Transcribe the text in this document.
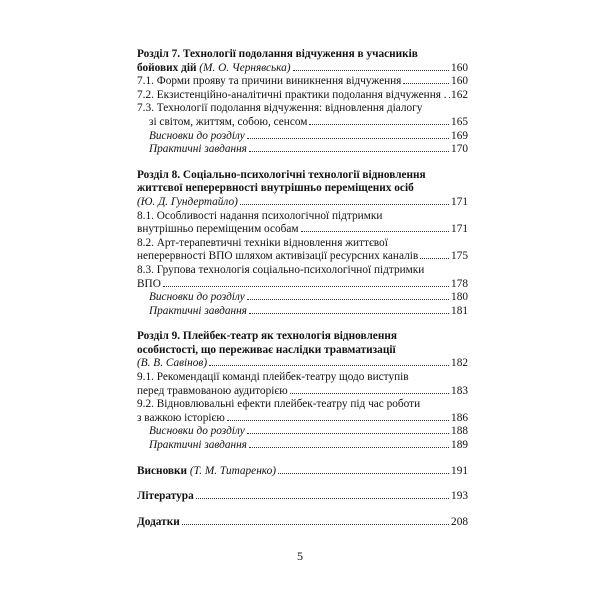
Розділ 7. Технології подолання відчуження в учасників
бойових дій
(М. О. Чернявська)	160
7.1. Форми прояву та причини виникнення відчуження	160
7.2. Екзистенційно-аналітичні практики подолання відчуження . 162
7.3. Технології подолання відчуження: відновлення діалогу
зі світом, життям, собою, сенсом	165
Висновки до розділу	169
Практичні завдання	170
Розділ 8. Соціально-психологічні технології відновлення
життєвої неперервності внутрішньо переміщених осіб
(Ю. Д. Гундертайло)	171
8.1. Особливості надання психологічної підтримки
внутрішньо переміщеним особам	171
8.2. Арт-терапевтичні техніки відновлення життєвої
неперервності ВПО шляхом активізації ресурсних каналів	175
8.3. Групова технологія соціально-психологічної підтримки
ВПО	178
Висновки до розділу	180
Практичні завдання	181
Розділ 9. Плейбек-театр як технологія відновлення
особистості, що переживає наслідки травматизації
(В. В. Савінов)	182
9.1. Рекомендації команді плейбек-театру щодо виступів
перед травмованою аудиторією	183
9.2. Відновлювальні ефекти плейбек-театру під час роботи
з важкою історією	186
Висновки до розділу	188
Практичні завдання	189
Висновки
(Т. М. Титаренко)	191
Література	193
Додатки	208
5
